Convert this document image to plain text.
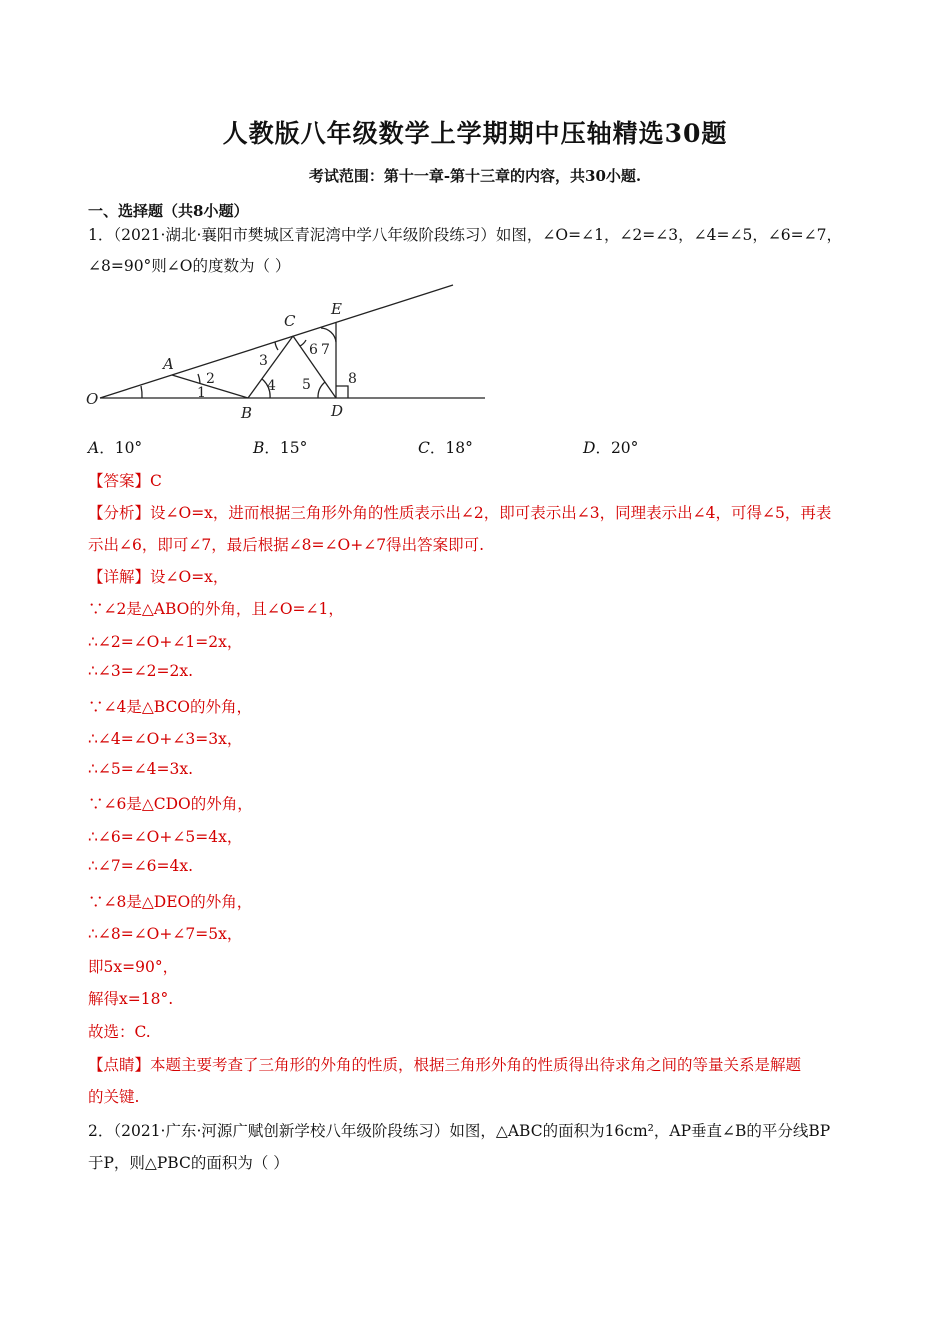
人教版八年级数学上学期期中压轴精选30题
考试范围：第十一章-第十三章的内容，共30小题.
一、选择题（共8小题）
1．（2021·湖北·襄阳市樊城区青泥湾中学八年级阶段练习）如图，∠O=∠1，∠2=∠3，∠4=∠5，∠6=∠7，
∠8=90°则∠O的度数为（ ）
O
A
B
C
D
E
1
2
3
4 5
6 7
8
A．10°	B．15°	C．18°	D．20°
【答案】C
【分析】设∠O=x，进而根据三角形外角的性质表示出∠2，即可表示出∠3，同理表示出∠4，可得∠5，再表
示出∠6，即可∠7，最后根据∠8=∠O+∠7得出答案即可.
【详解】设∠O=x，
∵∠2是△ABO的外角，且∠O=∠1，
∴∠2=∠O+∠1=2x，
∴∠3=∠2=2x.
∵∠4是△BCO的外角，
∴∠4=∠O+∠3=3x，
∴∠5=∠4=3x.
∵∠6是△CDO的外角，
∴∠6=∠O+∠5=4x，
∴∠7=∠6=4x.
∵∠8是△DEO的外角，
∴∠8=∠O+∠7=5x，
即5x=90°，
解得x=18°.
故选：C.
【点睛】本题主要考查了三角形的外角的性质，根据三角形外角的性质得出待求角之间的等量关系是解题
的关键.
2．（2021·广东·河源广赋创新学校八年级阶段练习）如图，△ABC的面积为16cm²，AP垂直∠B的平分线BP
于P，则△PBC的面积为（ ）
